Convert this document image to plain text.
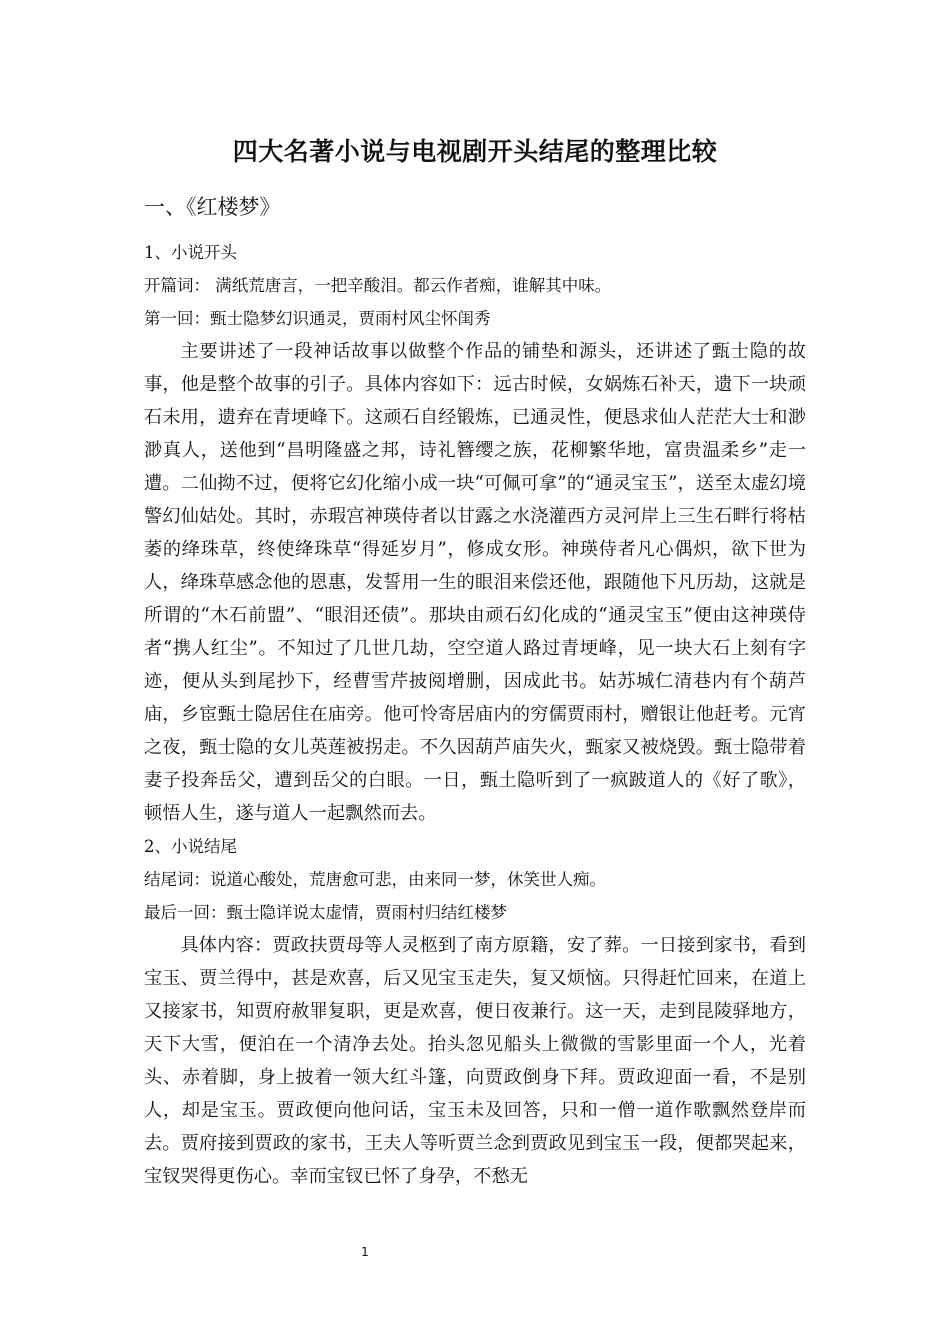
四大名著小说与电视剧开头结尾的整理比较
一、《红楼梦》

1、小说开头

开篇词： 满纸荒唐言，一把辛酸泪。都云作者痴，谁解其中味。

第一回：甄士隐梦幻识通灵，贾雨村风尘怀闺秀

主要讲述了一段神话故事以做整个作品的铺垫和源头，还讲述了甄士隐的故事，他是整个故事的引子。具体内容如下：远古时候，女娲炼石补天，遗下一块顽石未用，遗弃在青埂峰下。这顽石自经锻炼，已通灵性，便恳求仙人茫茫大士和渺渺真人，送他到“昌明隆盛之邦，诗礼簪缨之族，花柳繁华地，富贵温柔乡”走一遭。二仙拗不过，便将它幻化缩小成一块“可佩可拿”的“通灵宝玉”，送至太虚幻境警幻仙姑处。其时，赤瑕宫神瑛侍者以甘露之水浇灌西方灵河岸上三生石畔行将枯萎的绛珠草，终使绛珠草“得延岁月”，修成女形。神瑛侍者凡心偶炽，欲下世为人，绛珠草感念他的恩惠，发誓用一生的眼泪来偿还他，跟随他下凡历劫，这就是所谓的“木石前盟”、“眼泪还债”。那块由顽石幻化成的“通灵宝玉”便由这神瑛侍者“携人红尘”。不知过了几世几劫，空空道人路过青埂峰，见一块大石上刻有字迹，便从头到尾抄下，经曹雪芹披阅增删，因成此书。姑苏城仁清巷内有个葫芦庙，乡宦甄士隐居住在庙旁。他可怜寄居庙内的穷儒贾雨村，赠银让他赶考。元宵之夜，甄士隐的女儿英莲被拐走。不久因葫芦庙失火，甄家又被烧毁。甄士隐带着妻子投奔岳父，遭到岳父的白眼。一日，甄土隐听到了一疯跛道人的《好了歌》，顿悟人生，遂与道人一起飘然而去。

2、小说结尾

结尾词：说道心酸处，荒唐愈可悲，由来同一梦，休笑世人痴。

最后一回：甄士隐详说太虚情，贾雨村归结红楼梦

具体内容：贾政扶贾母等人灵柩到了南方原籍，安了葬。一日接到家书，看到宝玉、贾兰得中，甚是欢喜，后又见宝玉走失，复又烦恼。只得赶忙回来，在道上又接家书，知贾府赦罪复职，更是欢喜，便日夜兼行。这一天，走到昆陵驿地方，天下大雪，便泊在一个清净去处。抬头忽见船头上微微的雪影里面一个人，光着头、赤着脚，身上披着一领大红斗篷，向贾政倒身下拜。贾政迎面一看，不是别人，却是宝玉。贾政便向他问话，宝玉未及回答，只和一僧一道作歌飘然登岸而去。贾府接到贾政的家书，王夫人等听贾兰念到贾政见到宝玉一段，便都哭起来，宝钗哭得更伤心。幸而宝钗已怀了身孕，不愁无

1
